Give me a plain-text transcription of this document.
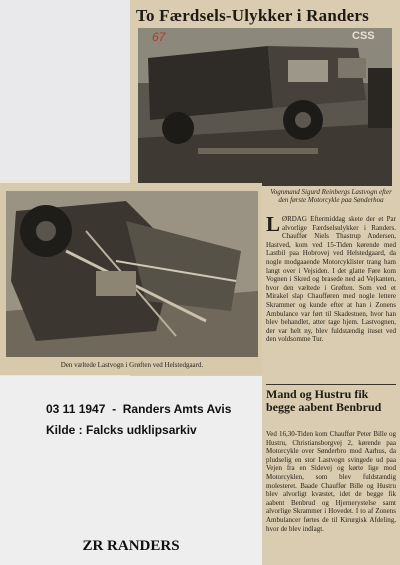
To Færdsels-Ulykker i Randers
67	CSS
Vognmand Sigurd Reinbergs Lastvogn efter den første Motorcykle paa Sønderhoa
Den væltede Lastvogn i Grøften ved Helstedgaard.
LØRDAG Eftermiddag skete der et Par alvorlige Færdselsulykker i Randers. Chauffør Niels Thastrup Andersen, Hastved, kom ved 15-Tiden kørende med Lastbil paa Hobrovej ved Helstedgaard, da nogle modgaaende Motorcyklister trang ham langt over i Vejsiden. I det glatte Føre kom Vognen i Skred og brasede ned ad Vejkanten, hvor den væltede i Grøften. Som ved et Mirakel slap Chaufføren med nogle lettere Skrammer og kunde efter at han i Zonens Ambulance var ført til Skadestuen, hvor han blev behandlet, atter tage hjem. Lastvognen, der var helt ny, blev fuldstændig ituset ved den voldsomme Tur.
Mand og Hustru fik begge aabent Benbrud
Ved 16,30-Tiden kom Chauffør Peter Bille og Hustru, Christiansborgvej 2, kørende paa Motorcykle over Sønderbro mod Aarhus, da pludselig en stor Lastvogn svingede ud paa Vejen fra en Sidevej og kørte lige mod Motorcyklen, som blev fuldstændig molesteret. Baade Chauffør Bille og Hustru blev alvorligt kvæstet, idet de begge fik aabent Benbrud og Hjernerystelse samt alvorlige Skrammer i Hovedet. I to af Zonens Ambulancer førtes de til Kirurgisk Afdeling, hvor de blev indlagt.
03 11 1947  -  Randers Amts Avis
Kilde : Falcks udklipsarkiv
ZR RANDERS
